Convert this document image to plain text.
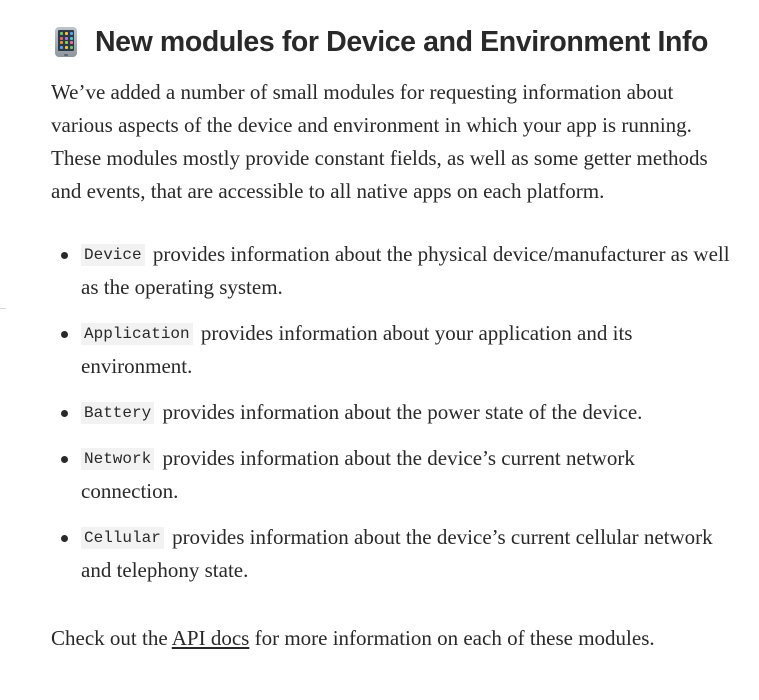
New modules for Device and Environment Info

We’ve added a number of small modules for requesting information about various aspects of the device and environment in which your app is running. These modules mostly provide constant fields, as well as some getter methods and events, that are accessible to all native apps on each platform.

Device provides information about the physical device/manufacturer as well as the operating system.
Application provides information about your application and its environment.
Battery provides information about the power state of the device.
Network provides information about the device’s current network connection.
Cellular provides information about the device’s current cellular network and telephony state.

Check out the API docs for more information on each of these modules.
